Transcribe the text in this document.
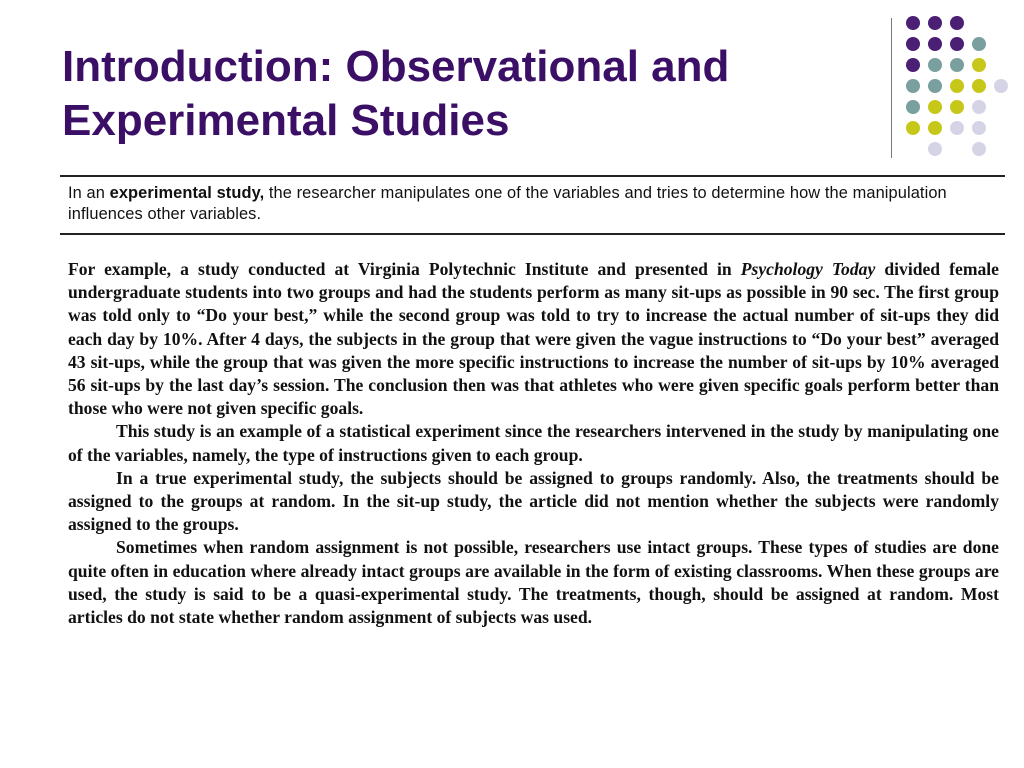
Introduction: Observational and Experimental Studies
In an experimental study, the researcher manipulates one of the variables and tries to determine how the manipulation influences other variables.

For example, a study conducted at Virginia Polytechnic Institute and presented in Psychology Today divided female undergraduate students into two groups and had the students perform as many sit-ups as possible in 90 sec. The first group was told only to “Do your best,” while the second group was told to try to increase the actual number of sit-ups they did each day by 10%. After 4 days, the subjects in the group that were given the vague instructions to “Do your best” averaged 43 sit-ups, while the group that was given the more specific instructions to increase the number of sit-ups by 10% averaged 56 sit-ups by the last day’s session. The conclusion then was that athletes who were given specific goals perform better than those who were not given specific goals.

This study is an example of a statistical experiment since the researchers intervened in the study by manipulating one of the variables, namely, the type of instructions given to each group.

In a true experimental study, the subjects should be assigned to groups randomly. Also, the treatments should be assigned to the groups at random. In the sit-up study, the article did not mention whether the subjects were randomly assigned to the groups.

Sometimes when random assignment is not possible, researchers use intact groups. These types of studies are done quite often in education where already intact groups are available in the form of existing classrooms. When these groups are used, the study is said to be a quasi-experimental study. The treatments, though, should be assigned at random. Most articles do not state whether random assignment of subjects was used.
